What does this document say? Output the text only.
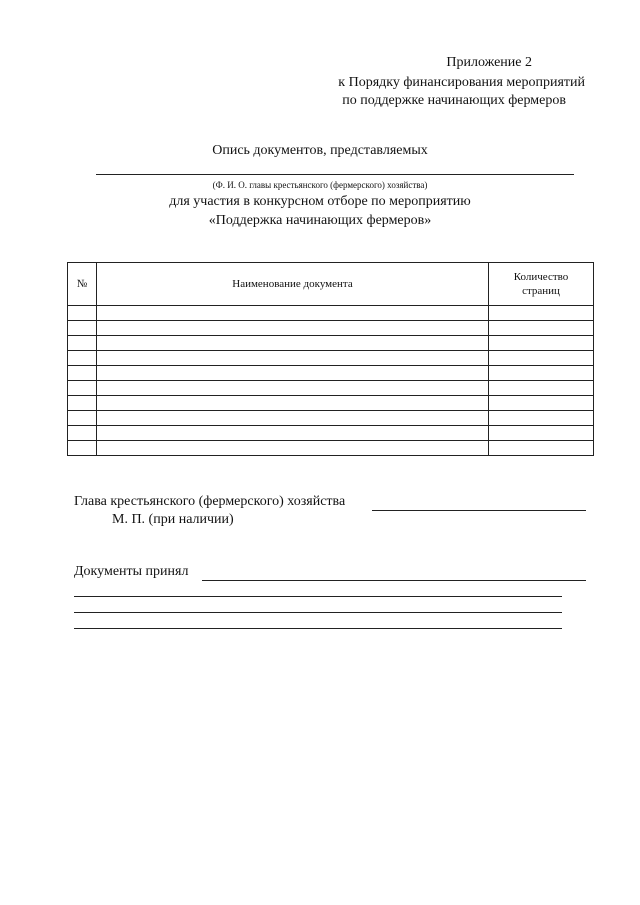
Приложение 2
к Порядку финансирования мероприятий
по поддержке начинающих фермеров
Опись документов, представляемых
(Ф. И. О. главы крестьянского (фермерского) хозяйства)
для участия в конкурсном отборе по мероприятию
«Поддержка начинающих фермеров»
№	Наименование документа	Количество
страниц

Глава крестьянского (фермерского) хозяйства
М. П. (при наличии)
Документы принял
